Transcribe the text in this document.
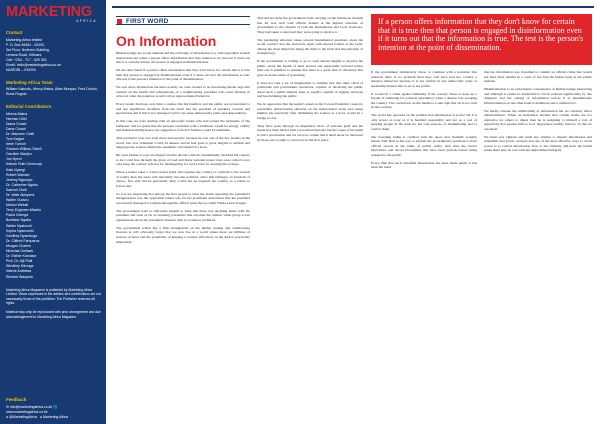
MARKETING
AFRICA
Contact
Marketing Africa limited
P. O. Box 56481 - 00200,
3rd Floor, Northern Building,
Lenana Road, Kilimani,
Cell: +254 - 717 - 529 352
Email: hello@marketingafrica.co.ke
NAIROBI – KENYA
Marketing Africa Team
William Kalundu, Mercy Maina, Allan Munyao, Fred Onduri, Rona Rugutu
Editorial Contributors
Meena Maina
Herman Gitiri
Diana Chuah
Dana Chuah
Dr. Maureen Owiti
Tom Kagwe
Irene Tumuri
Graham Wilkins-Tickell
Caroline Wanjiru
Joe Nyeni
Kebutu Ruth Ommongi
Kate Nyangi
Robert Wamari
Jeremy Ngaruiya
Dr. Catherine Ngahu
Samuel Owiti
Dr. Wale Akinyemi
Walter Ouduru
Marion Wekali
Terry Engineer-Mbwilu
Paula Ovenga
Boniface Ngaba
Walter Nyakundi
Kepha Nyamumbi
Geoffrey Nyamboga
Dr. Clifford Farquaros
Morgan Charles
Nicholas Outlaws
Dr. Esther Kamukor
Prof. Dr. Ajit Patil
Windfrey Mironga
Valerie Ambetsa
Richard Waupela

Marketing Africa Magazine is published by Marketing Africa Limited. Views expressed in the articles and contributions are not necessarily those of the publisher. The Publisher reserves all rights.

Material may only be reproduced with prior arrangement and due acknowledgement to Marketing Africa Magazine.

Feedback
✉ info@marketingafrica.co.ke 🌐 www.marketingafrica.co.ke
● @MarketingAfrica ● Marketing Africa
FIRST WORD
On Information

Human beings are social animals and the exchange of information is a vital ingredient in their interactions but when a person offers information that they believe to be true but it turns out that it is actually untrue, the person is engaged in misinformation.

On the other hand if a person offers information that they don't know for certain that it is true then that person is engaged in disinformation even if it turns out that the information is true. The test is the person's intention at the point of dissemination.

We saw three distinctions because recently we were treated to an interesting media saga that centred on the health and whereabouts of a neighbouring president who went missing in action in what the populace would call an unprecedented behavior.

Every leader develops over time a routine that his handlers and the public are accustomed to and any significant deviation from the norm has the potential of sparking concern and speculation and if this is not managed well it can cause unnecessary panic and despondency.

In this case we were dealing with an autocratic leader who had earned the nickname of 'the bulldozer' and we guess that the persona consistent with a bulldozer would be energy, vitality and indestructibility hence any suggestion of mortal frailties would be anathema.

This particular case was even more newsworthy because he was one of the few leaders in the world who was vehement Covid-19 deniers and he had gone to great lengths to rubbish and disparage the science behind the pandemic and labeled it a hoax.

He went further to rope in religion and the devout Catholic unashamedly declared his country to be Covid free through the grace of God and many national prayer days were called to not only keep the country safe but for thanksgiving for God's favor in averting the scourge.

When a leader takes a controversial stand and requires the country to conform to his version of reality then the issue will inevitably become political, since this infringes on freedom of choice. Not only did he personally deny Covid but he required the country as a whole to follow suit.

So it is not surprising that among the first people to raise the alarm regarding the president's disappearance was the opposition leader who for his prominent declaration that the president was unwell managed to explain through the official press the so-called Tundu Lissu Tongue.

The government went to ridiculous lengths to deny that there was anything amiss with the president and went as far as arresting journalists that reported the rumour while group social explanations about the president's absence with no evidence proffered.

The government which has a firm stranglehold on the media, issuing and withdrawing licences at will obviously forgot that we now live in a world where there are millions of sources of news and the possibility of keeping a country effectively in the dark is practically impossible.

That did not deter the government from carrying on the ridiculous charade that all was well with official denials at the highest echelons of government to the chagrin of both the international and local observers. They had taken a stand and they were going to stick to it.

The pertaining situation raises several fundamental questions about the social contract that the electorate signs with elected leaders at the polls, among the most important being the right to the truth and the principle of transparency.

If the government is willing to go to such absurd lengths to deceive the public about the health of their elected and supposedly beloved leader then one is justified to assume that there is a great deal of chicanery that goes on in the name of governing.

It does not take a lot of imagination to surmise that this same cabal of politicians and government operatives, capable of deceiving the public about such a public-interest issue is equally capable of rigging elections and hoodwinking the public.

We do appreciate that the leader's stand on the Corona Pandemic created a potentially embarrassing situation on the international arena and eating humble pie especially after dismissing the science as a hoax would be a bridge too far.

They have gone through an impressive show of national grief and the leader has been buried with top national honours but the cause of his death is still a speculation and we are now certain that it shall never be disclosed by those who sought to conceal it in the first place.

If a person offers information that they don't know for certain that it is true then that person is engaged in disinformation even if it turns out that the information is true. The test is the person's intention at the point of dissemination.

If the government deliberately chose to continue with a narrative that pretends there is no problem then they will have had the country a massive disservice because it is not written in any democratic tome or leadership manual that to err is not politic.

It would be a crime against humanity if the country chose to keep up a façade of wellbeing for political expediency when a disease was ravaging the country. The crackdown on the media is a sure sign that all is not well in that country.

The world has operated on the premise that information is power but it is only power as long as it is handled responsibly and not as a tool of keeping people in the dark for the sole purpose of manipulating and to control them.

Our founding father is credited with the quote that 'Serikali' actually means 'Sisi' Kali as his way to explain the government's penchant to have official secrets in the name of public safety. And thus the Secret Operations and Secret Documents that have been periods before being released to the public.

Every time that such classified information has been made public it has been the trend

that the information was classified to commit an official crime that would not have been tenable in a court of law had the matter been in the public domain.

Misinformation is an unfortunate consequence of human beings interacting and although it cannot be eradicated it can be reduced significantly by due diligence and the vetting of information before it is disseminated. Disinformation on the other hand is deliberate and a criminal act.

We hardly tolerate the withholding of information but we certainly abhor disinformation. When an individual decides that certain truths are too explosive for others to digest then he is assigning to himself a role of superiority that equates him to God. Oppressive earthly follows, on this we can attest.

We must stay vigilant and resist any attempt to muzzle information and remember that power corrupts and one of the most effective ways to avoid power is to control information flow to the citizenry and have the fourth estate must play its role with uncompromised integrity.
